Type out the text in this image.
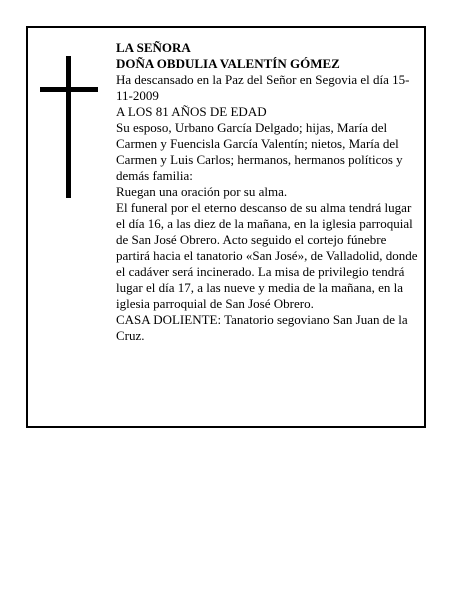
LA SEÑORA

DOÑA OBDULIA VALENTÍN GÓMEZ

Ha descansado en la Paz del Señor en Segovia el día 15-11-2009

A LOS 81 AÑOS DE EDAD

Su esposo, Urbano García Delgado; hijas, María del Carmen y Fuencisla García Valentín; nietos, María del Carmen y Luis Carlos; hermanos, hermanos políticos y demás familia:

Ruegan una oración por su alma.

El funeral por el eterno descanso de su alma tendrá lugar el día 16, a las diez de la mañana, en la iglesia parroquial de San José Obrero. Acto seguido el cortejo fúnebre partirá hacia el tanatorio «San José», de Valladolid, donde el cadáver será incinerado. La misa de privilegio tendrá lugar el día 17, a las nueve y media de la mañana, en la iglesia parroquial de San José Obrero.

CASA DOLIENTE: Tanatorio segoviano San Juan de la Cruz.
